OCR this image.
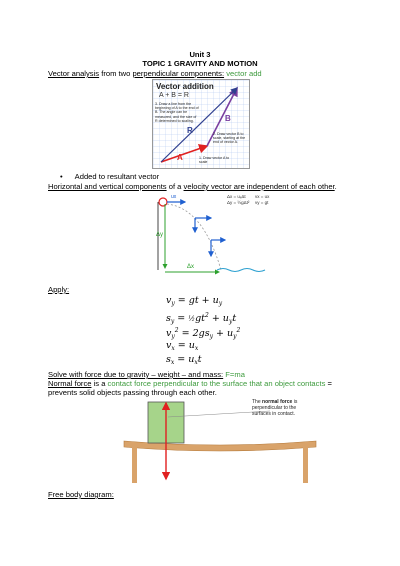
Unit 3
TOPIC 1 GRAVITY AND MOTION
Vector analysis from two perpendicular components: vector add
Vector addition
A + B = R
3. Draw a line from the beginning of A to the end of B. The angle can be measured, and the size of R determined to scaling.
2. Draw vector B to scale, starting at the end of vector A.
1. Draw vector A to scale
A
B
R
• Added to resultant vector
Horizontal and vertical components of a velocity vector are independent of each other.
ux	Δx = uₓΔt
Δy = ½gΔt²
vx = ux
vy = gt
Δy
Δx
Apply:
$v_y$ = gt + $u_y$
$s_y$ = $\frac{1}{2}gt^2 + u_yt$
$v_y^2 = 2gs_y + u_y^2$
$v_x = u_x$
$s_x = u_xt$
Solve with force due to gravity – weight – and mass: F=ma
Normal force is a contact force perpendicular to the surface that an object contacts =
prevents solid objects passing through each other.
The normal force is perpendicular to the surfaces in contact.
Free body diagram:
